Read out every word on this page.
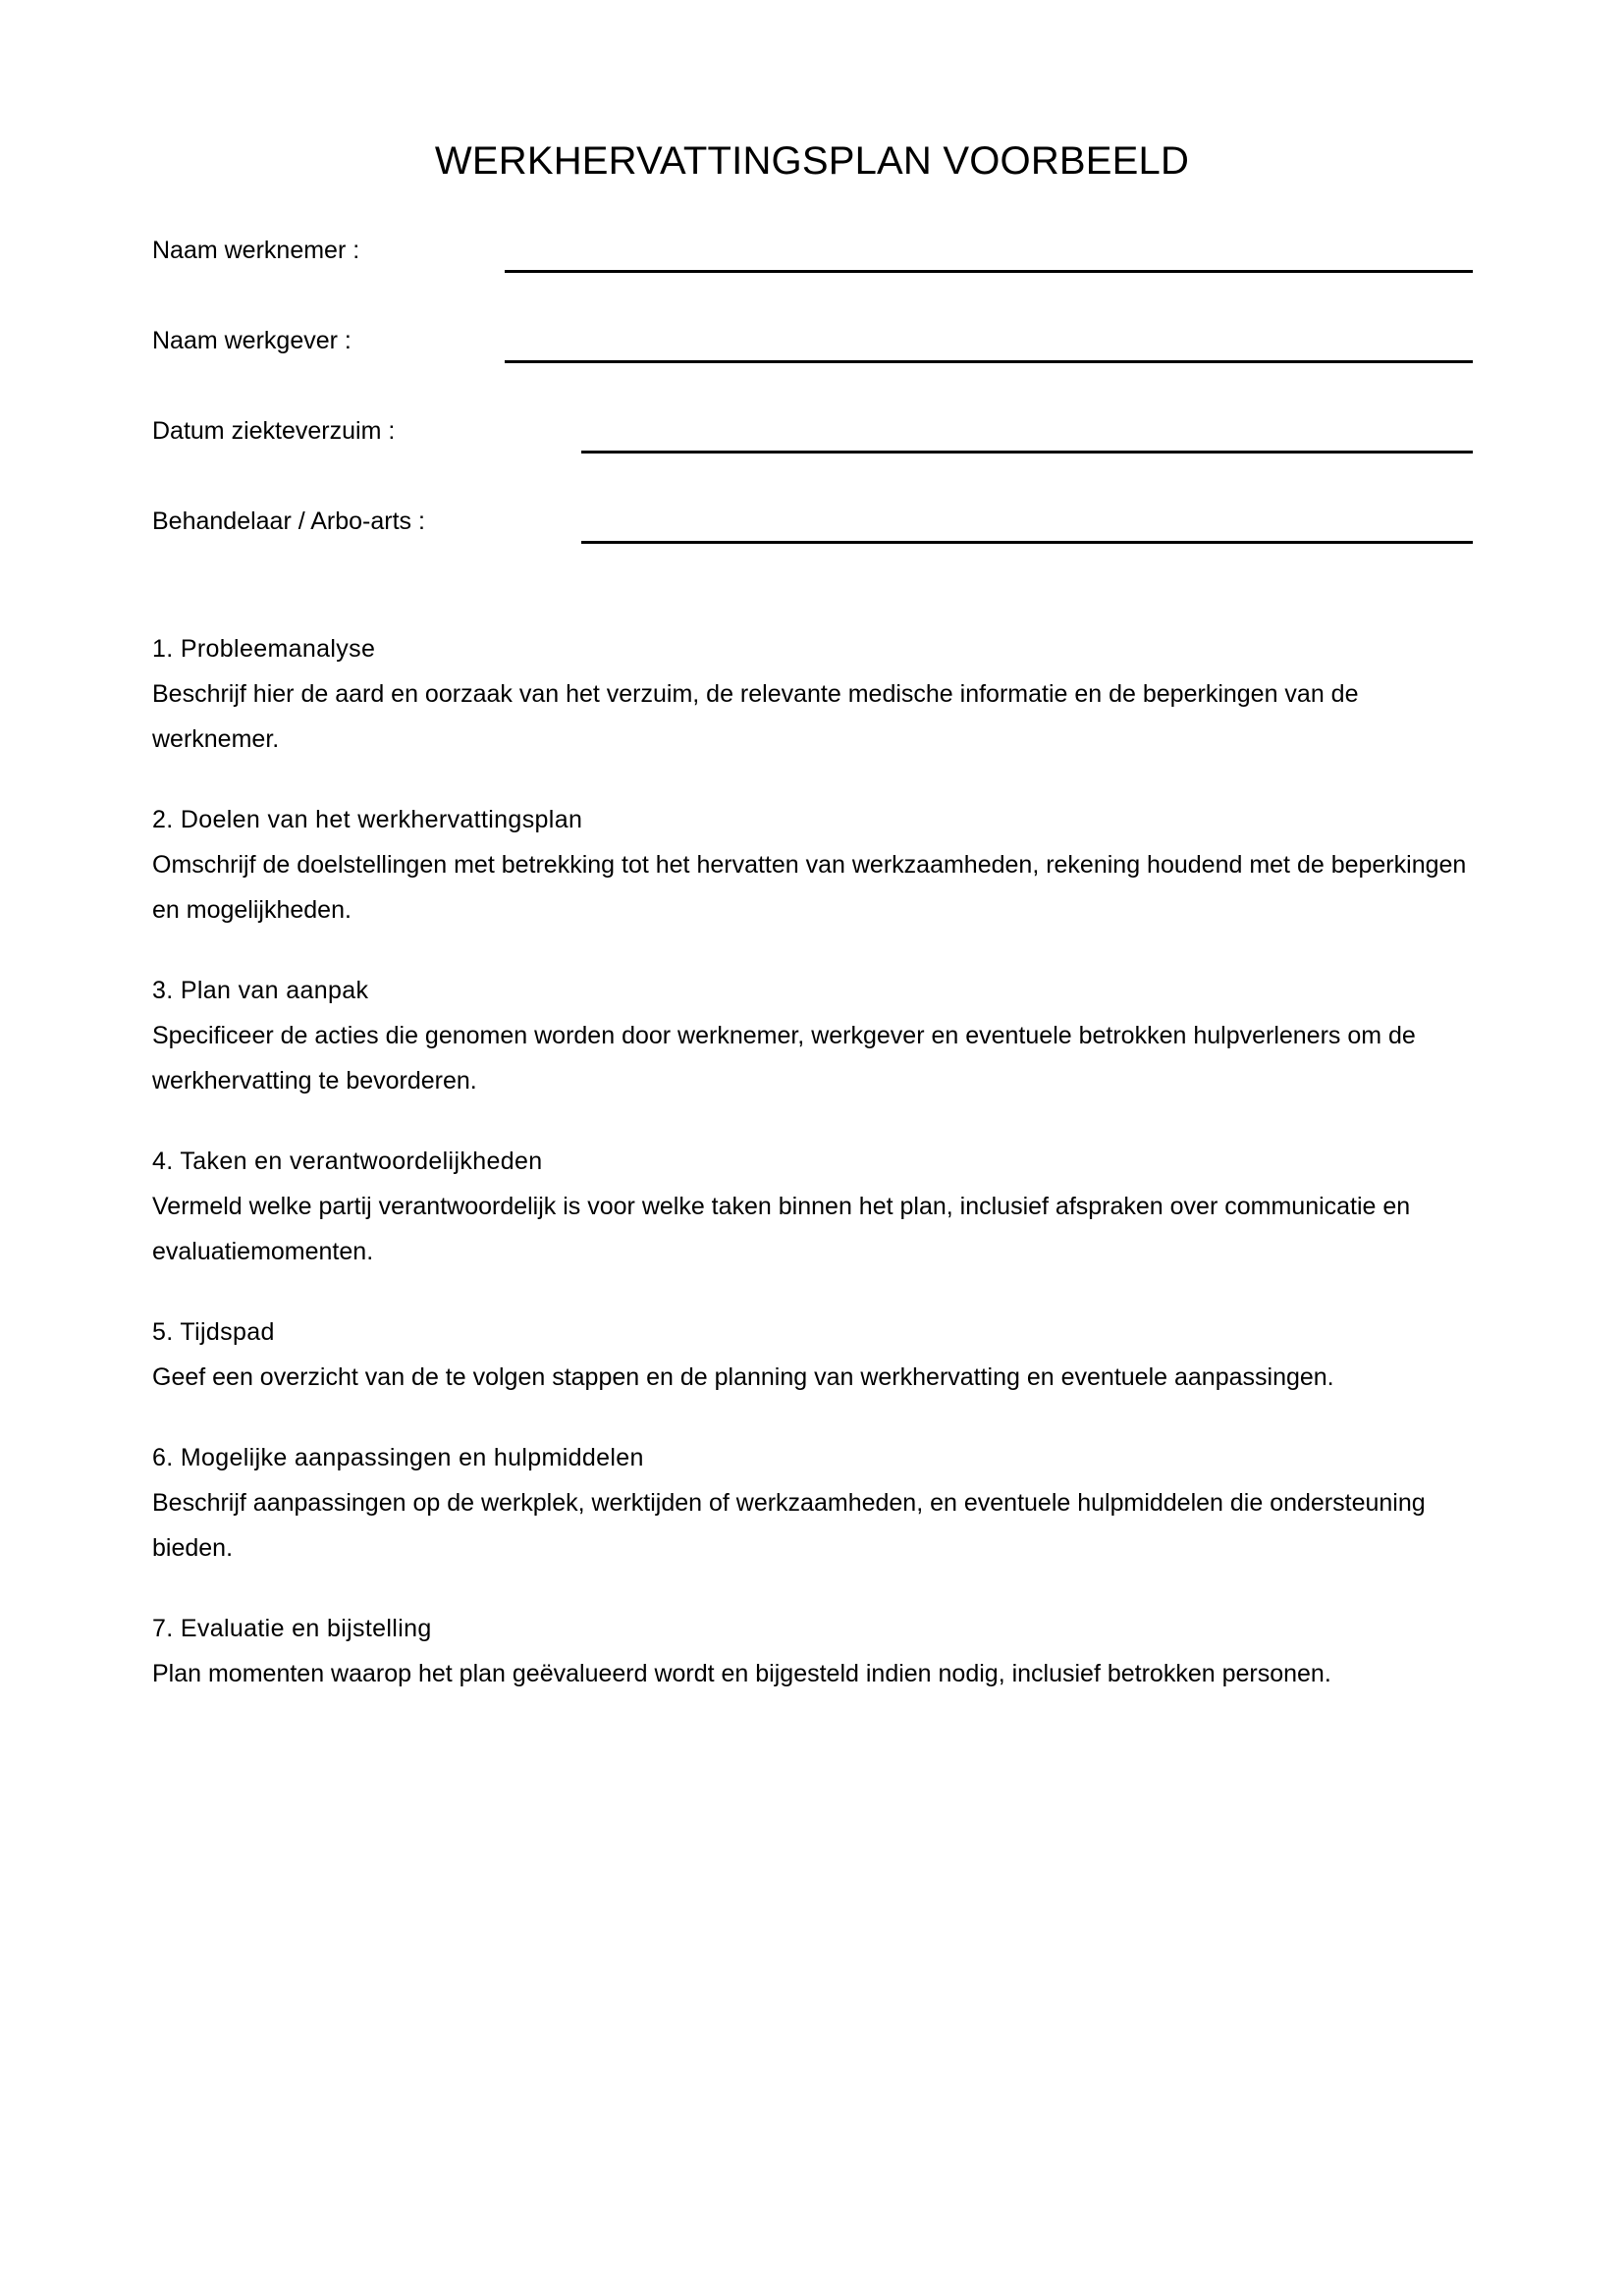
WERKHERVATTINGSPLAN VOORBEELD
Naam werknemer :
Naam werkgever :
Datum ziekteverzuim :
Behandelaar / Arbo-arts :
1. Probleemanalyse
Beschrijf hier de aard en oorzaak van het verzuim, de relevante medische informatie en de beperkingen van de werknemer.
2. Doelen van het werkhervattingsplan
Omschrijf de doelstellingen met betrekking tot het hervatten van werkzaamheden, rekening houdend met de beperkingen en mogelijkheden.
3. Plan van aanpak
Specificeer de acties die genomen worden door werknemer, werkgever en eventuele betrokken hulpverleners om de werkhervatting te bevorderen.
4. Taken en verantwoordelijkheden
Vermeld welke partij verantwoordelijk is voor welke taken binnen het plan, inclusief afspraken over communicatie en evaluatiemomenten.
5. Tijdspad
Geef een overzicht van de te volgen stappen en de planning van werkhervatting en eventuele aanpassingen.
6. Mogelijke aanpassingen en hulpmiddelen
Beschrijf aanpassingen op de werkplek, werktijden of werkzaamheden, en eventuele hulpmiddelen die ondersteuning bieden.
7. Evaluatie en bijstelling
Plan momenten waarop het plan geëvalueerd wordt en bijgesteld indien nodig, inclusief betrokken personen.
